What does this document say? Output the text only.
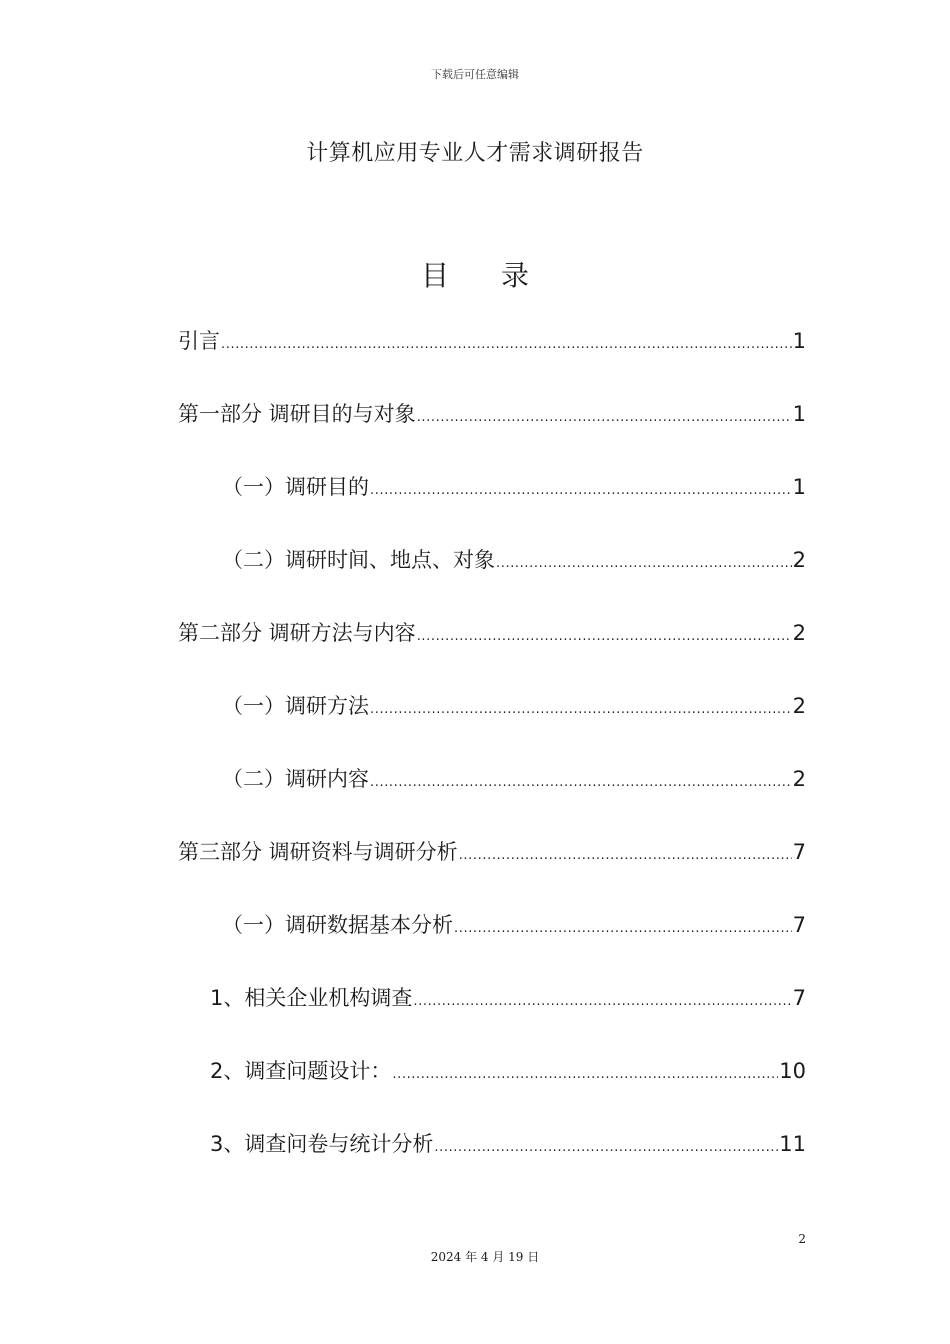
下载后可任意编辑
计算机应用专业人才需求调研报告
目录
引言 .....	1
第一部分 调研目的与对象 .....	1
（一）调研目的 .....	1
（二）调研时间、地点、对象 .....	2
第二部分 调研方法与内容 .....	2
（一）调研方法 .....	2
（二）调研内容 .....	2
第三部分 调研资料与调研分析 .....	7
（一）调研数据基本分析 .....	7
1、相关企业机构调查 .....	7
2、调查问题设计： .....	10
3、调查问卷与统计分析 .....	11
2
2024 年 4 月 19 日
